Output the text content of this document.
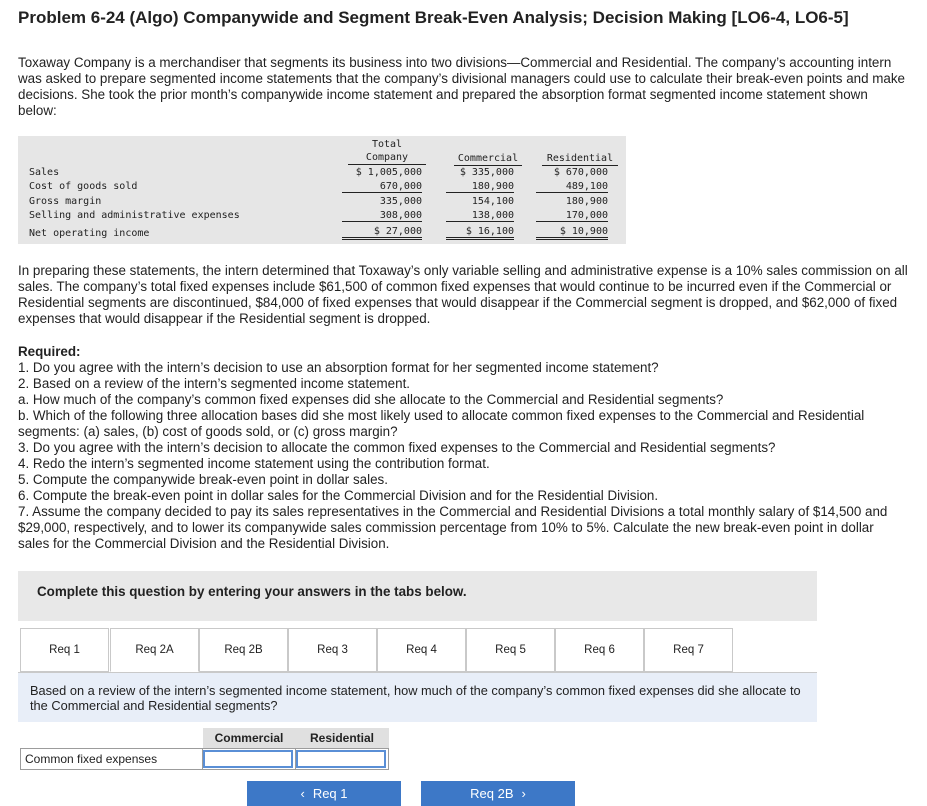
Problem 6-24 (Algo) Companywide and Segment Break-Even Analysis; Decision Making [LO6-4, LO6-5]

Toxaway Company is a merchandiser that segments its business into two divisions—Commercial and Residential. The company’s accounting intern was asked to prepare segmented income statements that the company’s divisional managers could use to calculate their break-even points and make decisions. She took the prior month’s companywide income statement and prepared the absorption format segmented income statement shown below:

Total
Company	Commercial	Residential
Sales	$ 1,005,000	$ 335,000	$ 670,000
Cost of goods sold	670,000	180,900	489,100
Gross margin	335,000	154,100	180,900
Selling and administrative expenses	308,000	138,000	170,000
Net operating income	$ 27,000	$ 16,100	$ 10,900

In preparing these statements, the intern determined that Toxaway’s only variable selling and administrative expense is a 10% sales commission on all sales. The company’s total fixed expenses include $61,500 of common fixed expenses that would continue to be incurred even if the Commercial or Residential segments are discontinued, $84,000 of fixed expenses that would disappear if the Commercial segment is dropped, and $62,000 of fixed expenses that would disappear if the Residential segment is dropped.

Required:

1. Do you agree with the intern’s decision to use an absorption format for her segmented income statement?
2. Based on a review of the intern’s segmented income statement.
a. How much of the company’s common fixed expenses did she allocate to the Commercial and Residential segments?
b. Which of the following three allocation bases did she most likely used to allocate common fixed expenses to the Commercial and Residential segments: (a) sales, (b) cost of goods sold, or (c) gross margin?
3. Do you agree with the intern’s decision to allocate the common fixed expenses to the Commercial and Residential segments?
4. Redo the intern’s segmented income statement using the contribution format.
5. Compute the companywide break-even point in dollar sales.
6. Compute the break-even point in dollar sales for the Commercial Division and for the Residential Division.
7. Assume the company decided to pay its sales representatives in the Commercial and Residential Divisions a total monthly salary of $14,500 and $29,000, respectively, and to lower its companywide sales commission percentage from 10% to 5%. Calculate the new break-even point in dollar sales for the Commercial Division and the Residential Division.
Complete this question by entering your answers in the tabs below.
Req 1	Req 2A	Req 2B	Req 3	Req 4	Req 5	Req 6	Req 7

Based on a review of the intern’s segmented income statement, how much of the company’s common fixed expenses did she allocate to the Commercial and Residential segments?

	Commercial	Residential
Common fixed expenses		
‹ Req 1	Req 2B ›
